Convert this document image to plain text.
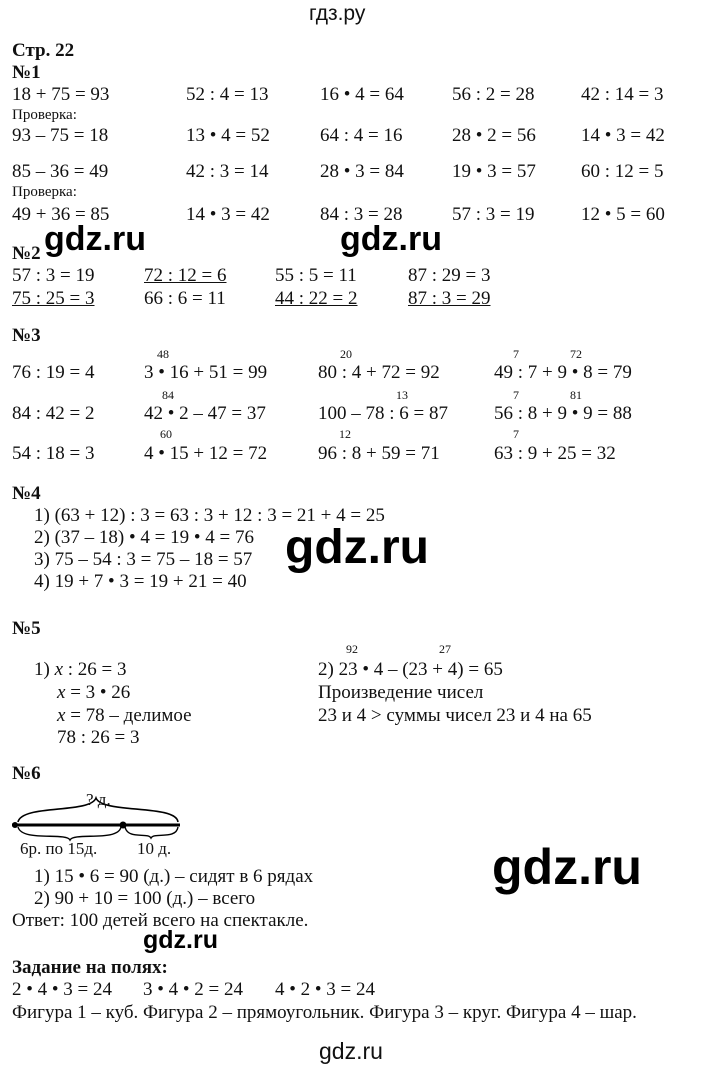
гдз.ру
Стр. 22
№1
18 + 75 = 93	52 : 4 = 13	16 • 4 = 64	56 : 2 = 28 42 : 14 = 3
Проверка:
93 – 75 = 18	13 • 4 = 52	64 : 4 = 16	28 • 2 = 56 14 • 3 = 42
85 – 36 = 49	42 : 3 = 14	28 • 3 = 84	19 • 3 = 57 60 : 12 = 5
Проверка:
49 + 36 = 85	14 • 3 = 42	84 : 3 = 28	57 : 3 = 19 12 • 5 = 60
gdz.ru	gdz.ru
№2
57 : 3 = 19	72 : 12 = 6	55 : 5 = 11	87 : 29 = 3
75 : 25 = 3	66 : 6 = 11	44 : 22 = 2	87 : 3 = 29
№3
48	20	7	72
76 : 19 = 4	3 • 16 + 51 = 99	80 : 4 + 72 = 92	49 : 7 + 9 • 8 = 79
84	13	7	81
84 : 42 = 2	42 • 2 – 47 = 37	100 – 78 : 6 = 87 56 : 8 + 9 • 9 = 88
60	12	7
54 : 18 = 3	4 • 15 + 12 = 72	96 : 8 + 59 = 71	63 : 9 + 25 = 32
№4
1) (63 + 12) : 3 = 63 : 3 + 12 : 3 = 21 + 4 = 25
2) (37 – 18) • 4 = 19 • 4 = 76
3) 75 – 54 : 3 = 75 – 18 = 57
4) 19 + 7 • 3 = 19 + 21 = 40
gdz.ru
№5
1) x : 26 = 3
x = 3 • 26
x = 78 – делимое
78 : 26 = 3
92	27
2) 23 • 4 – (23 + 4) = 65
Произведение чисел
23 и 4 > суммы чисел 23 и 4 на 65
№6
? д.
6р. по 15д. 10 д.
1) 15 • 6 = 90 (д.) – сидят в 6 рядах
2) 90 + 10 = 100 (д.) – всего
Ответ: 100 детей всего на спектакле.
gdz.ru
gdz.ru
Задание на полях:
2 • 4 • 3 = 24 3 • 4 • 2 = 24 4 • 2 • 3 = 24
Фигура 1 – куб. Фигура 2 – прямоугольник. Фигура 3 – круг. Фигура 4 – шар.
gdz.ru
